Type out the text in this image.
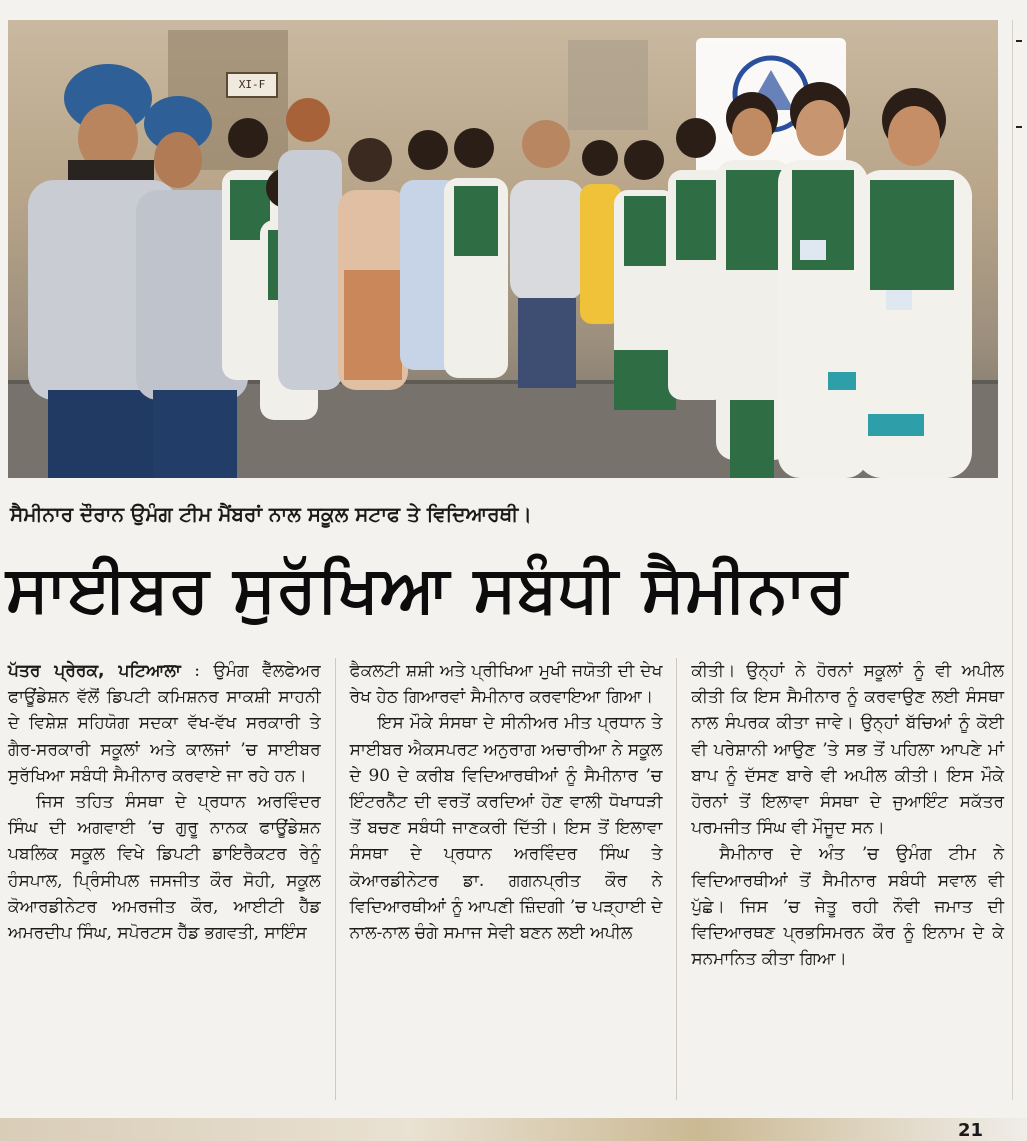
XI-F
ਸੈਮੀਨਾਰ ਦੌਰਾਨ ਉਮੰਗ ਟੀਮ ਮੈਂਬਰਾਂ ਨਾਲ ਸਕੂਲ ਸਟਾਫ ਤੇ ਵਿਦਿਆਰਥੀ।
ਸਾਈਬਰ ਸੁਰੱਖਿਆ ਸਬੰਧੀ ਸੈਮੀਨਾਰ

ਪੱਤਰ ਪ੍ਰੇਰਕ, ਪਟਿਆਲਾ : ਉਮੰਗ ਵੈੱਲਫੇਅਰ ਫਾਊਂਡੇਸ਼ਨ ਵੱਲੋਂ ਡਿਪਟੀ ਕਮਿਸ਼ਨਰ ਸਾਕਸ਼ੀ ਸਾਹਨੀ ਦੇ ਵਿਸ਼ੇਸ਼ ਸਹਿਯੋਗ ਸਦਕਾ ਵੱਖ-ਵੱਖ ਸਰਕਾਰੀ ਤੇ ਗੈਰ-ਸਰਕਾਰੀ ਸਕੂਲਾਂ ਅਤੇ ਕਾਲਜਾਂ ’ਚ ਸਾਈਬਰ ਸੁਰੱਖਿਆ ਸਬੰਧੀ ਸੈਮੀਨਾਰ ਕਰਵਾਏ ਜਾ ਰਹੇ ਹਨ।

ਜਿਸ ਤਹਿਤ ਸੰਸਥਾ ਦੇ ਪ੍ਰਧਾਨ ਅਰਵਿੰਦਰ ਸਿੰਘ ਦੀ ਅਗਵਾਈ ’ਚ ਗੁਰੂ ਨਾਨਕ ਫਾਊਂਡੇਸ਼ਨ ਪਬਲਿਕ ਸਕੂਲ ਵਿਖੇ ਡਿਪਟੀ ਡਾਇਰੈਕਟਰ ਰੇਨੂੰ ਹੰਸਪਾਲ, ਪ੍ਰਿੰਸੀਪਲ ਜਸਜੀਤ ਕੌਰ ਸੋਹੀ, ਸਕੂਲ ਕੋਆਰਡੀਨੇਟਰ ਅਮਰਜੀਤ ਕੌਰ, ਆਈਟੀ ਹੈੱਡ ਅਮਰਦੀਪ ਸਿੰਘ, ਸਪੋਰਟਸ ਹੈੱਡ ਭਗਵਤੀ, ਸਾਇੰਸ

ਫੈਕਲਟੀ ਸ਼ਸ਼ੀ ਅਤੇ ਪ੍ਰੀਖਿਆ ਮੁਖੀ ਜਯੋਤੀ ਦੀ ਦੇਖ ਰੇਖ ਹੇਠ ਗਿਆਰਵਾਂ ਸੈਮੀਨਾਰ ਕਰਵਾਇਆ ਗਿਆ।

ਇਸ ਮੌਕੇ ਸੰਸਥਾ ਦੇ ਸੀਨੀਅਰ ਮੀਤ ਪ੍ਰਧਾਨ ਤੇ ਸਾਈਬਰ ਐਕਸਪਰਟ ਅਨੁਰਾਗ ਅਚਾਰੀਆ ਨੇ ਸਕੂਲ ਦੇ 90 ਦੇ ਕਰੀਬ ਵਿਦਿਆਰਥੀਆਂ ਨੂੰ ਸੈਮੀਨਾਰ ’ਚ ਇੰਟਰਨੈੱਟ ਦੀ ਵਰਤੋਂ ਕਰਦਿਆਂ ਹੋਣ ਵਾਲੀ ਧੋਖਾਧੜੀ ਤੋਂ ਬਚਣ ਸਬੰਧੀ ਜਾਣਕਰੀ ਦਿੱਤੀ। ਇਸ ਤੋਂ ਇਲਾਵਾ ਸੰਸਥਾ ਦੇ ਪ੍ਰਧਾਨ ਅਰਵਿੰਦਰ ਸਿੰਘ ਤੇ ਕੋਆਰਡੀਨੇਟਰ ਡਾ. ਗਗਨਪ੍ਰੀਤ ਕੌਰ ਨੇ ਵਿਦਿਆਰਥੀਆਂ ਨੂੰ ਆਪਣੀ ਜ਼ਿੰਦਗੀ ’ਚ ਪੜ੍ਹਾਈ ਦੇ ਨਾਲ-ਨਾਲ ਚੰਗੇ ਸਮਾਜ ਸੇਵੀ ਬਣਨ ਲਈ ਅਪੀਲ

ਕੀਤੀ। ਉਨ੍ਹਾਂ ਨੇ ਹੋਰਨਾਂ ਸਕੂਲਾਂ ਨੂੰ ਵੀ ਅਪੀਲ ਕੀਤੀ ਕਿ ਇਸ ਸੈਮੀਨਾਰ ਨੂੰ ਕਰਵਾਉਣ ਲਈ ਸੰਸਥਾ ਨਾਲ ਸੰਪਰਕ ਕੀਤਾ ਜਾਵੇ। ਉਨ੍ਹਾਂ ਬੱਚਿਆਂ ਨੂੰ ਕੋਈ ਵੀ ਪਰੇਸ਼ਾਨੀ ਆਉਣ ’ਤੇ ਸਭ ਤੋਂ ਪਹਿਲਾ ਆਪਣੇ ਮਾਂ ਬਾਪ ਨੂੰ ਦੱਸਣ ਬਾਰੇ ਵੀ ਅਪੀਲ ਕੀਤੀ। ਇਸ ਮੌਕੇ ਹੋਰਨਾਂ ਤੋਂ ਇਲਾਵਾ ਸੰਸਥਾ ਦੇ ਜੁਆਇੰਟ ਸਕੱਤਰ ਪਰਮਜੀਤ ਸਿੰਘ ਵੀ ਮੌਜੂਦ ਸਨ।

ਸੈਮੀਨਾਰ ਦੇ ਅੰਤ ’ਚ ਉਮੰਗ ਟੀਮ ਨੇ ਵਿਦਿਆਰਥੀਆਂ ਤੋਂ ਸੈਮੀਨਾਰ ਸਬੰਧੀ ਸਵਾਲ ਵੀ ਪੁੱਛੇ। ਜਿਸ ’ਚ ਜੇਤੂ ਰਹੀ ਨੌਵੀ ਜਮਾਤ ਦੀ ਵਿਦਿਆਰਥਣ ਪ੍ਰਭਸਿਮਰਨ ਕੌਰ ਨੂੰ ਇਨਾਮ ਦੇ ਕੇ ਸਨਮਾਨਿਤ ਕੀਤਾ ਗਿਆ।

21
